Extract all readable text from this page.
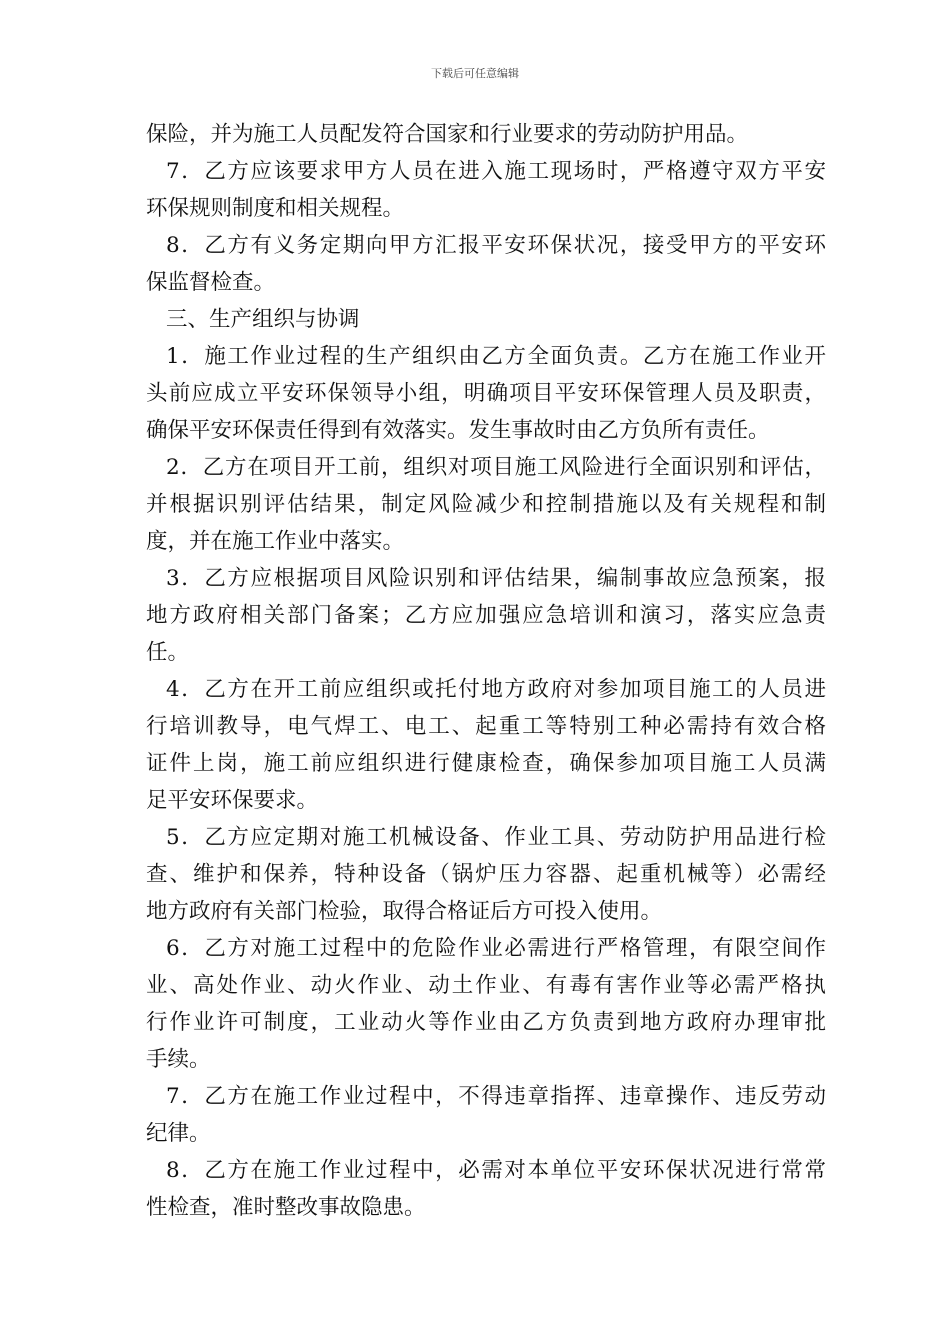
下载后可任意编辑
保险，并为施工人员配发符合国家和行业要求的劳动防护用品。
7．乙方应该要求甲方人员在进入施工现场时，严格遵守双方平安
环保规则制度和相关规程。
8．乙方有义务定期向甲方汇报平安环保状况，接受甲方的平安环
保监督检查。
三、生产组织与协调
1．施工作业过程的生产组织由乙方全面负责。乙方在施工作业开
头前应成立平安环保领导小组，明确项目平安环保管理人员及职责，
确保平安环保责任得到有效落实。发生事故时由乙方负所有责任。
2．乙方在项目开工前，组织对项目施工风险进行全面识别和评估，
并根据识别评估结果，制定风险减少和控制措施以及有关规程和制
度，并在施工作业中落实。
3．乙方应根据项目风险识别和评估结果，编制事故应急预案，报
地方政府相关部门备案；乙方应加强应急培训和演习，落实应急责
任。
4．乙方在开工前应组织或托付地方政府对参加项目施工的人员进
行培训教导，电气焊工、电工、起重工等特别工种必需持有效合格
证件上岗，施工前应组织进行健康检查，确保参加项目施工人员满
足平安环保要求。
5．乙方应定期对施工机械设备、作业工具、劳动防护用品进行检
查、维护和保养，特种设备（锅炉压力容器、起重机械等）必需经
地方政府有关部门检验，取得合格证后方可投入使用。
6．乙方对施工过程中的危险作业必需进行严格管理，有限空间作
业、高处作业、动火作业、动土作业、有毒有害作业等必需严格执
行作业许可制度，工业动火等作业由乙方负责到地方政府办理审批
手续。
7．乙方在施工作业过程中，不得违章指挥、违章操作、违反劳动
纪律。
8．乙方在施工作业过程中，必需对本单位平安环保状况进行常常
性检查，准时整改事故隐患。
